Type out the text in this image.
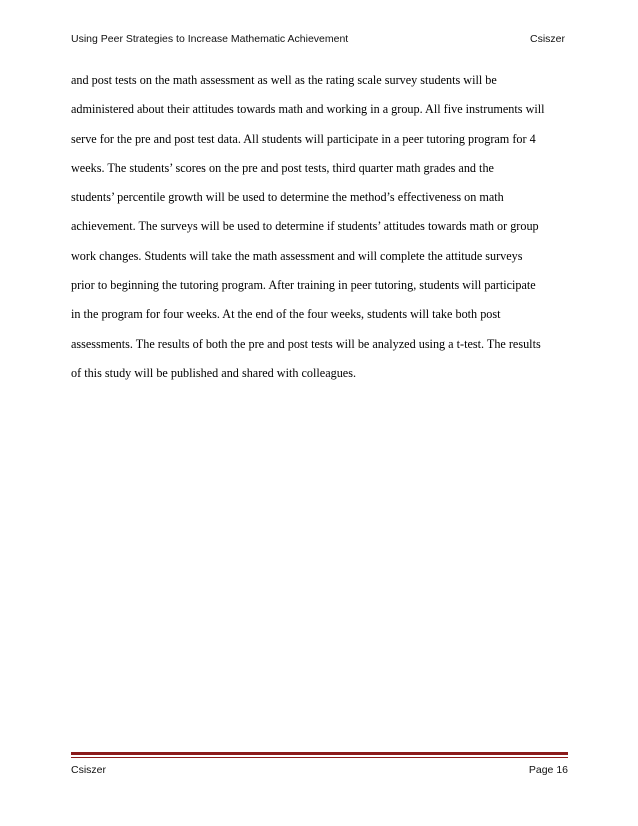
Using Peer Strategies to Increase Mathematic Achievement	Csiszer
and post tests on the math assessment as well as the rating scale survey students will be
administered about their attitudes towards math and working in a group. All five instruments will
serve for the pre and post test data. All students will participate in a peer tutoring program for 4
weeks. The students’ scores on the pre and post tests, third quarter math grades and the
students’ percentile growth will be used to determine the method’s effectiveness on math
achievement. The surveys will be used to determine if students’ attitudes towards math or group
work changes. Students will take the math assessment and will complete the attitude surveys
prior to beginning the tutoring program. After training in peer tutoring, students will participate
in the program for four weeks. At the end of the four weeks, students will take both post
assessments. The results of both the pre and post tests will be analyzed using a t-test. The results
of this study will be published and shared with colleagues.
Csiszer	Page 16
